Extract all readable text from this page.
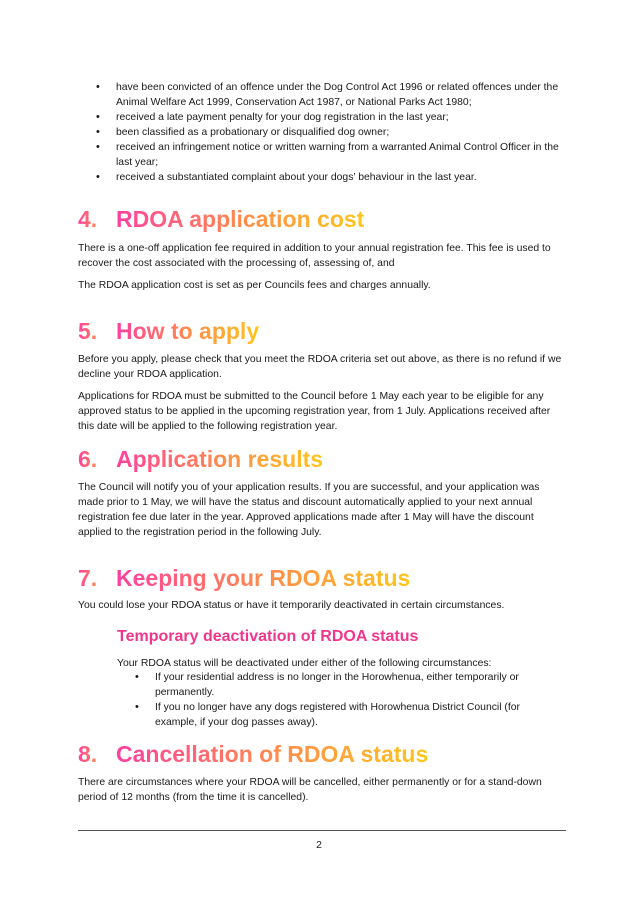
• have been convicted of an offence under the Dog Control Act 1996 or related offences under the Animal Welfare Act 1999, Conservation Act 1987, or National Parks Act 1980;
• received a late payment penalty for your dog registration in the last year;
• been classified as a probationary or disqualified dog owner;
• received an infringement notice or written warning from a warranted Animal Control Officer in the last year;
• received a substantiated complaint about your dogs’ behaviour in the last year.
4. RDOA application cost

There is a one-off application fee required in addition to your annual registration fee. This fee is used to recover the cost associated with the processing of, assessing of, and

The RDOA application cost is set as per Councils fees and charges annually.

5. How to apply

Before you apply, please check that you meet the RDOA criteria set out above, as there is no refund if we decline your RDOA application.

Applications for RDOA must be submitted to the Council before 1 May each year to be eligible for any approved status to be applied in the upcoming registration year, from 1 July. Applications received after this date will be applied to the following registration year.

6. Application results

The Council will notify you of your application results. If you are successful, and your application was made prior to 1 May, we will have the status and discount automatically applied to your next annual registration fee due later in the year. Approved applications made after 1 May will have the discount applied to the registration period in the following July.

7. Keeping your RDOA status

You could lose your RDOA status or have it temporarily deactivated in certain circumstances.

Temporary deactivation of RDOA status

Your RDOA status will be deactivated under either of the following circumstances:

• If your residential address is no longer in the Horowhenua, either temporarily or permanently.
• If you no longer have any dogs registered with Horowhenua District Council (for example, if your dog passes away).
8. Cancellation of RDOA status

There are circumstances where your RDOA will be cancelled, either permanently or for a stand-down period of 12 months (from the time it is cancelled).

2
